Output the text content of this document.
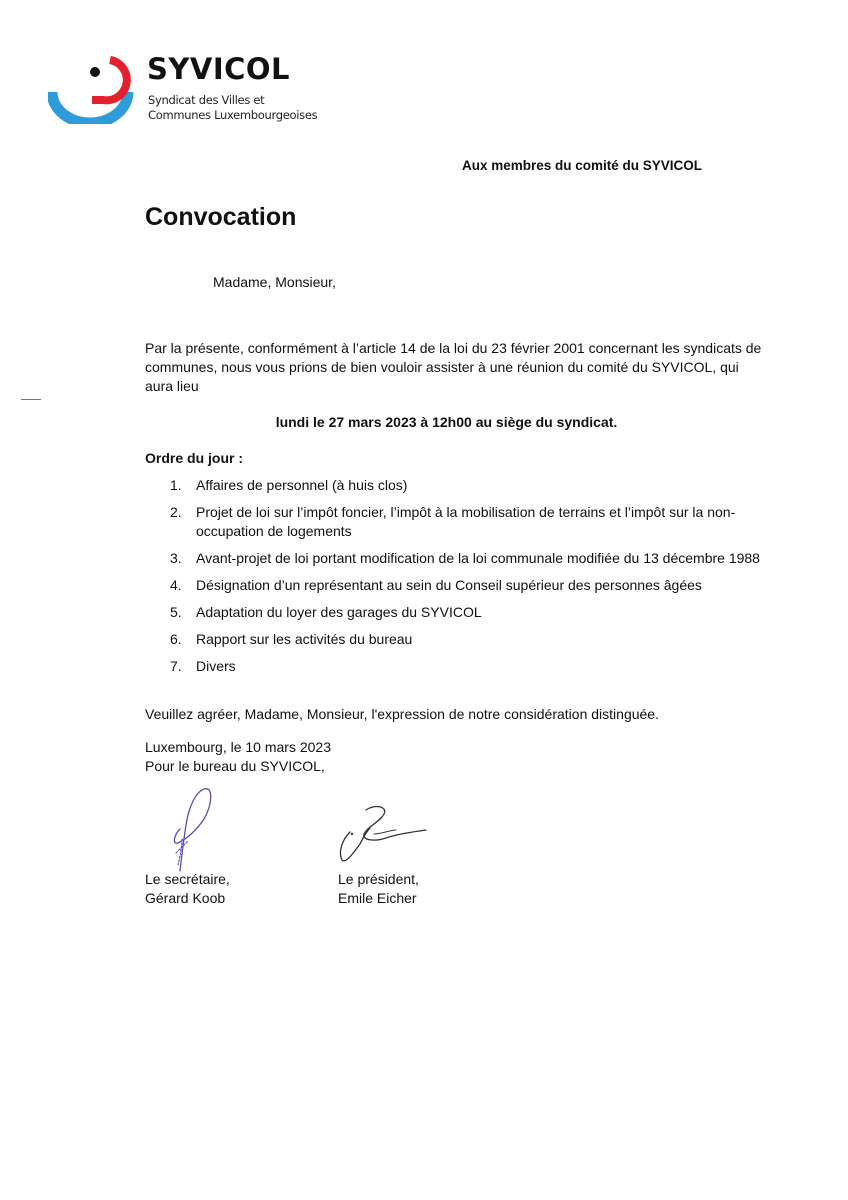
SYVICOL
Syndicat des Villes et
Communes Luxembourgeoises
Aux membres du comité du SYVICOL
Convocation
Madame, Monsieur,
Par la présente, conformément à l’article 14 de la loi du 23 février 2001 concernant les syndicats de communes, nous vous prions de bien vouloir assister à une réunion du comité du SYVICOL, qui aura lieu
lundi le 27 mars 2023 à 12h00 au siège du syndicat.
Ordre du jour :
1. Affaires de personnel (à huis clos)
2. Projet de loi sur l’impôt foncier, l’impôt à la mobilisation de terrains et l’impôt sur la non-occupation de logements
3. Avant-projet de loi portant modification de la loi communale modifiée du 13 décembre 1988
4. Désignation d’un représentant au sein du Conseil supérieur des personnes âgées
5. Adaptation du loyer des garages du SYVICOL
6. Rapport sur les activités du bureau
7. Divers
Veuillez agréer, Madame, Monsieur, l'expression de notre considération distinguée.
Luxembourg, le 10 mars 2023
Pour le bureau du SYVICOL,
Le secrétaire,
Gérard Koob
Le président,
Emile Eicher
